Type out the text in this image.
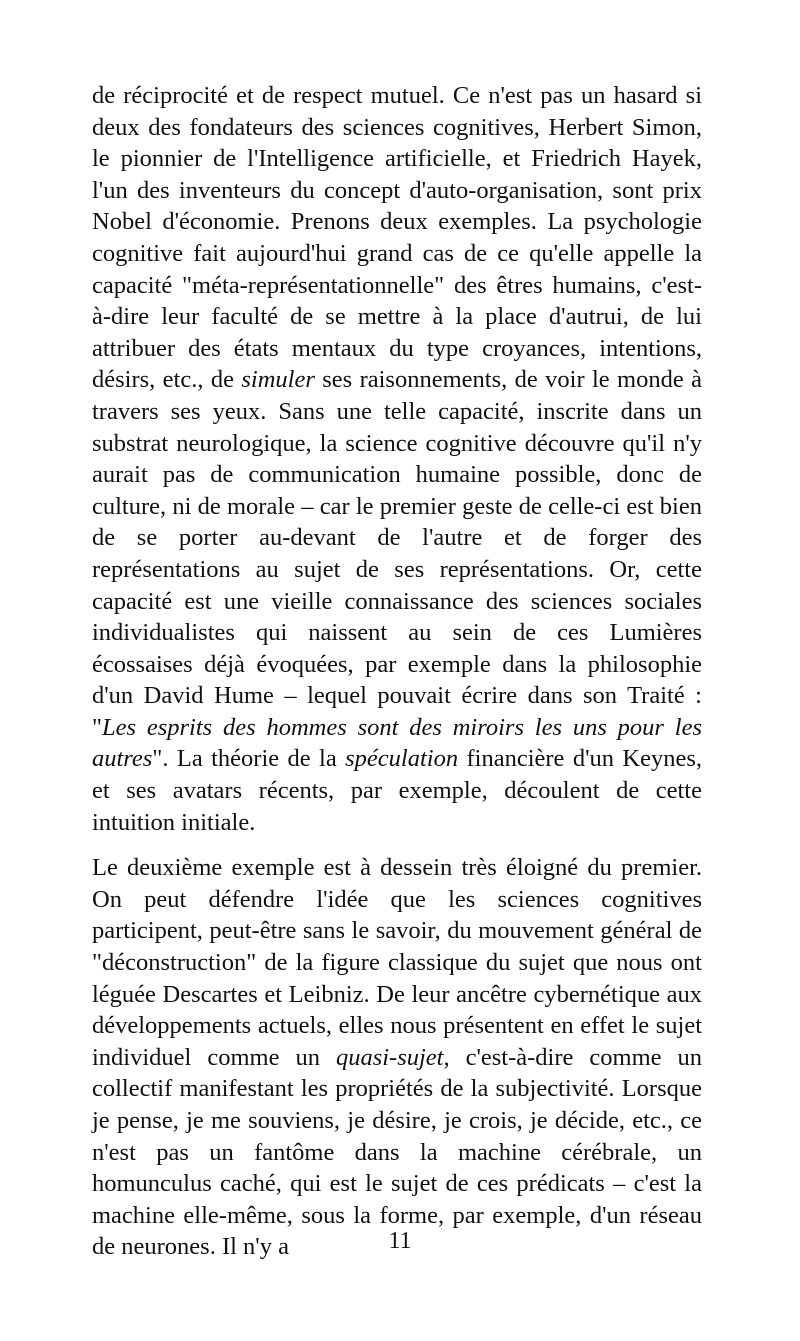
de réciprocité et de respect mutuel. Ce n'est pas un hasard si deux des fondateurs des sciences cognitives, Herbert Simon, le pionnier de l'Intelligence artificielle, et Friedrich Hayek, l'un des inventeurs du concept d'auto-organisation, sont prix Nobel d'économie. Prenons deux exemples. La psychologie cognitive fait aujourd'hui grand cas de ce qu'elle appelle la capacité "méta-représentationnelle" des êtres humains, c'est-à-dire leur faculté de se mettre à la place d'autrui, de lui attribuer des états mentaux du type croyances, intentions, désirs, etc., de simuler ses raisonnements, de voir le monde à travers ses yeux. Sans une telle capacité, inscrite dans un substrat neurologique, la science cognitive découvre qu'il n'y aurait pas de communication humaine possible, donc de culture, ni de morale – car le premier geste de celle-ci est bien de se porter au-devant de l'autre et de forger des représentations au sujet de ses représentations. Or, cette capacité est une vieille connaissance des sciences sociales individualistes qui naissent au sein de ces Lumières écossaises déjà évoquées, par exemple dans la philosophie d'un David Hume – lequel pouvait écrire dans son Traité : "Les esprits des hommes sont des miroirs les uns pour les autres". La théorie de la spéculation financière d'un Keynes, et ses avatars récents, par exemple, découlent de cette intuition initiale.

Le deuxième exemple est à dessein très éloigné du premier. On peut défendre l'idée que les sciences cognitives participent, peut-être sans le savoir, du mouvement général de "déconstruction" de la figure classique du sujet que nous ont léguée Descartes et Leibniz. De leur ancêtre cybernétique aux développements actuels, elles nous présentent en effet le sujet individuel comme un quasi-sujet, c'est-à-dire comme un collectif manifestant les propriétés de la subjectivité. Lorsque je pense, je me souviens, je désire, je crois, je décide, etc., ce n'est pas un fantôme dans la machine cérébrale, un homunculus caché, qui est le sujet de ces prédicats – c'est la machine elle-même, sous la forme, par exemple, d'un réseau de neurones. Il n'y a	11
